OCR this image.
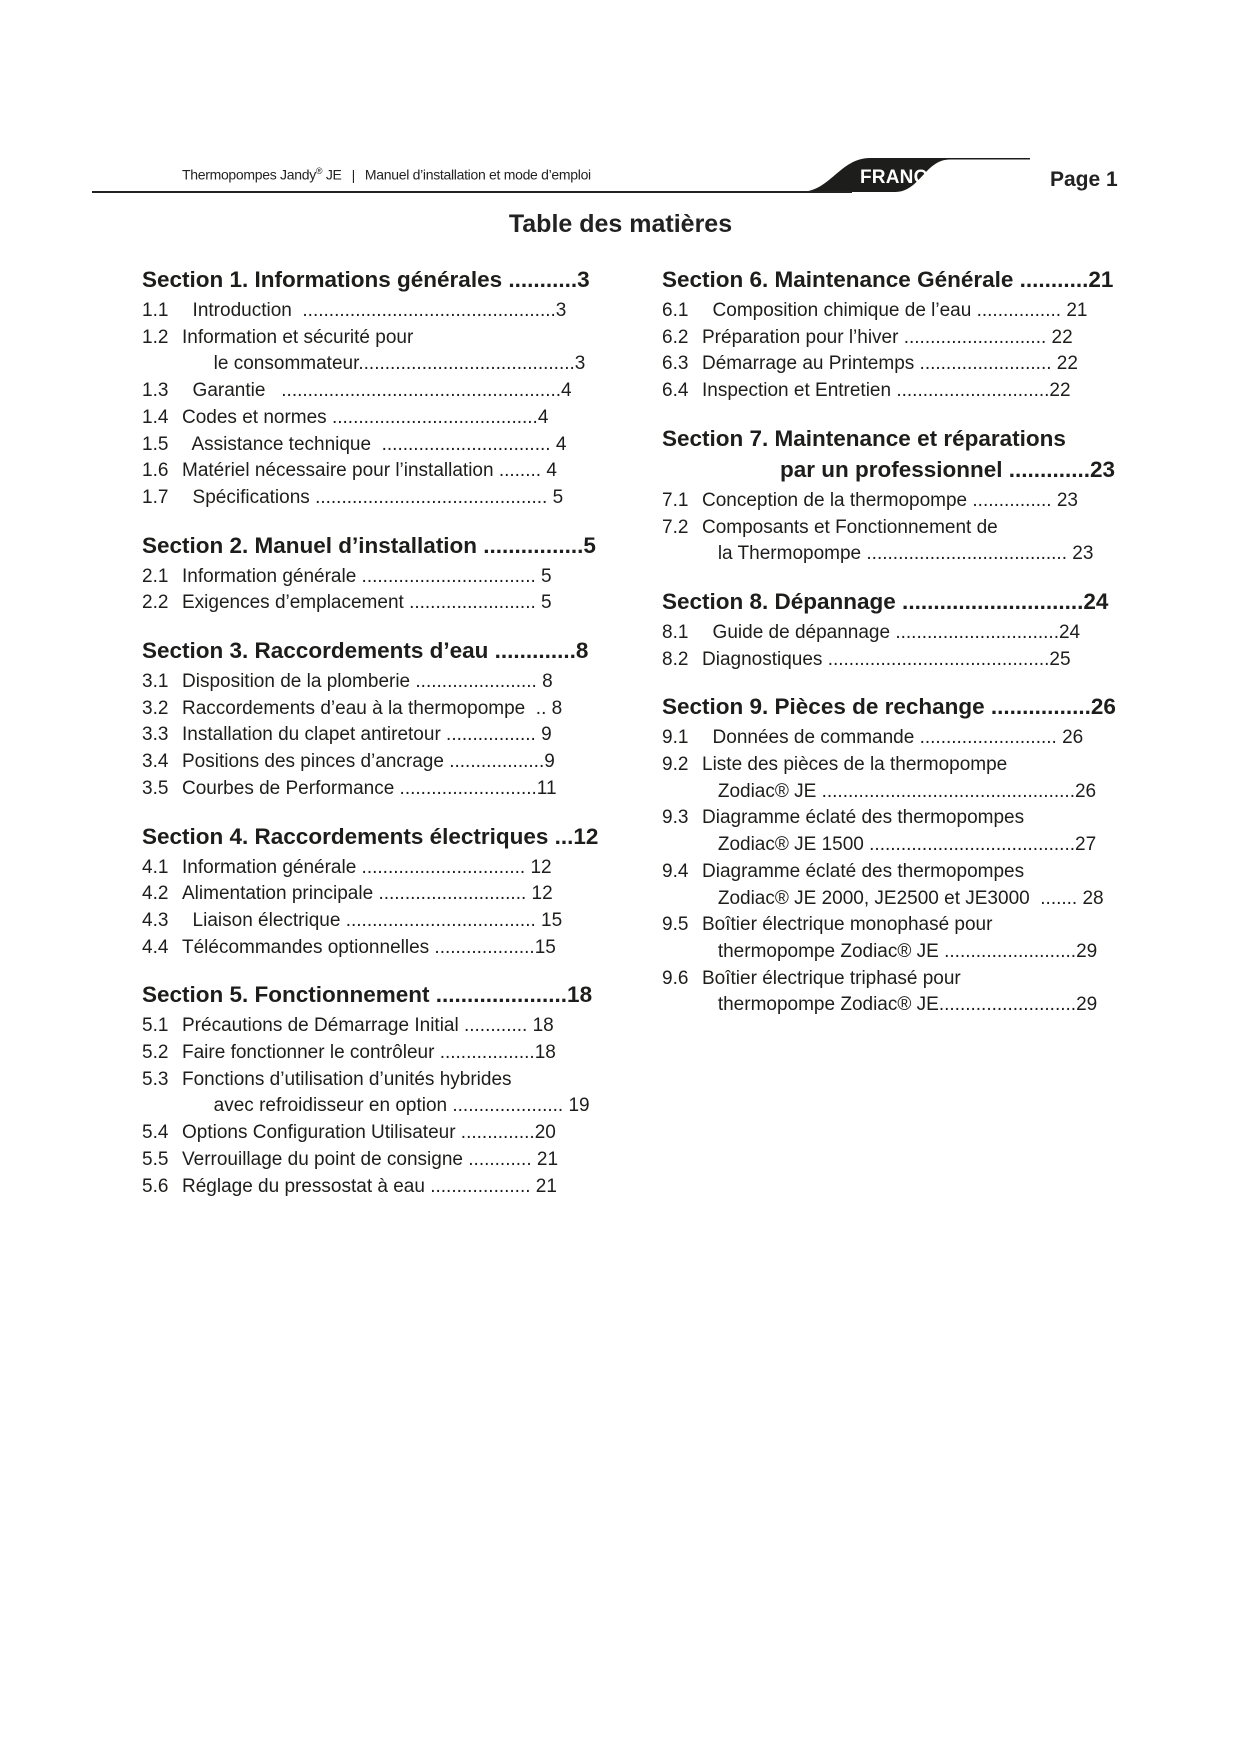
Thermopompes Jandy® JE | Manuel d’installation et mode d’emploi	FRANÇAIS	Page 1
Table des matières
Section 1. Informations générales ...........3
1.1 Introduction  ................................................3
1.2 Information et sécurité pour
le consommateur.........................................3
1.3 Garantie   .....................................................4
1.4 Codes et normes .......................................4
1.5 Assistance technique  ................................ 4
1.6 Matériel nécessaire pour l’installation ........ 4
1.7 Spécifications ............................................ 5
Section 2. Manuel d’installation ................5
2.1 Information générale ................................. 5
2.2 Exigences d’emplacement ........................ 5
Section 3. Raccordements d’eau .............8
3.1 Disposition de la plomberie ....................... 8
3.2 Raccordements d’eau à la thermopompe  .. 8
3.3 Installation du clapet antiretour ................. 9
3.4 Positions des pinces d’ancrage ..................9
3.5 Courbes de Performance ..........................11
Section 4. Raccordements électriques ...12
4.1 Information générale ............................... 12
4.2 Alimentation principale ............................ 12
4.3 Liaison électrique .................................... 15
4.4 Télécommandes optionnelles ...................15
Section 5. Fonctionnement .....................18
5.1 Précautions de Démarrage Initial ............ 18
5.2 Faire fonctionner le contrôleur ..................18
5.3 Fonctions d’utilisation d’unités hybrides
avec refroidisseur en option ..................... 19
5.4 Options Configuration Utilisateur ..............20
5.5 Verrouillage du point de consigne ............ 21
5.6 Réglage du pressostat à eau ................... 21
Section 6. Maintenance Générale ...........21
6.1 Composition chimique de l’eau ................ 21
6.2 Préparation pour l’hiver ........................... 22
6.3 Démarrage au Printemps ......................... 22
6.4 Inspection et Entretien .............................22
Section 7. Maintenance et réparations
par un professionnel .............23
7.1 Conception de la thermopompe ............... 23
7.2 Composants et Fonctionnement de
la Thermopompe ...................................... 23
Section 8. Dépannage .............................24
8.1 Guide de dépannage ...............................24
8.2 Diagnostiques ..........................................25
Section 9. Pièces de rechange ................26
9.1 Données de commande .......................... 26
9.2 Liste des pièces de la thermopompe
Zodiac® JE ................................................26
9.3 Diagramme éclaté des thermopompes
Zodiac® JE 1500 .......................................27
9.4 Diagramme éclaté des thermopompes
Zodiac® JE 2000, JE2500 et JE3000  ....... 28
9.5 Boîtier électrique monophasé pour
thermopompe Zodiac® JE .........................29
9.6 Boîtier électrique triphasé pour
thermopompe Zodiac® JE..........................29
